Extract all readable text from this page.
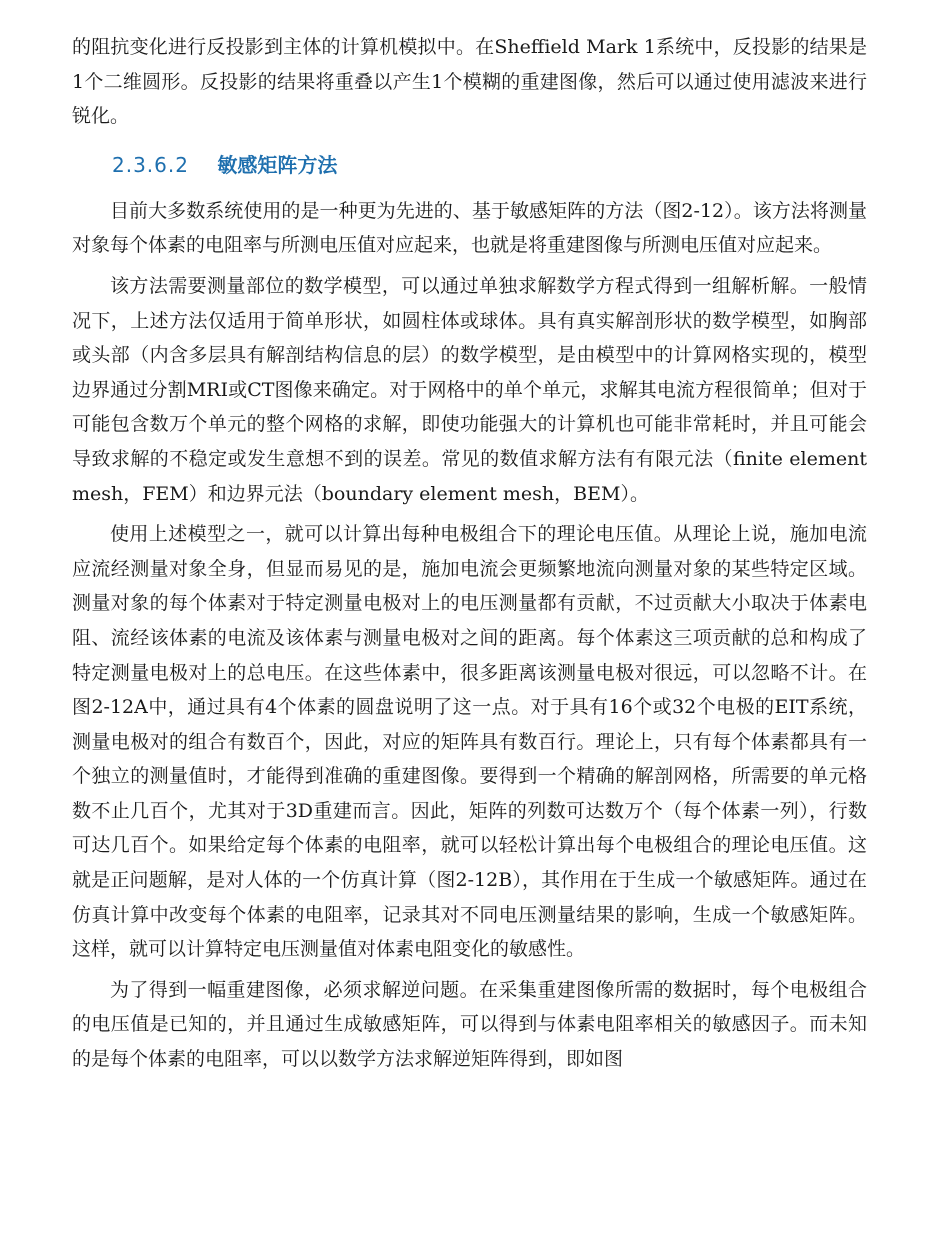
的阻抗变化进行反投影到主体的计算机模拟中。在Sheffield Mark 1系统中，反投影的结果是1个二维圆形。反投影的结果将重叠以产生1个模糊的重建图像，然后可以通过使用滤波来进行锐化。

2.3.6.2 敏感矩阵方法

目前大多数系统使用的是一种更为先进的、基于敏感矩阵的方法（图2-12）。该方法将测量对象每个体素的电阻率与所测电压值对应起来，也就是将重建图像与所测电压值对应起来。

该方法需要测量部位的数学模型，可以通过单独求解数学方程式得到一组解析解。一般情况下，上述方法仅适用于简单形状，如圆柱体或球体。具有真实解剖形状的数学模型，如胸部或头部（内含多层具有解剖结构信息的层）的数学模型，是由模型中的计算网格实现的，模型边界通过分割MRI或CT图像来确定。对于网格中的单个单元，求解其电流方程很简单；但对于可能包含数万个单元的整个网格的求解，即使功能强大的计算机也可能非常耗时，并且可能会导致求解的不稳定或发生意想不到的误差。常见的数值求解方法有有限元法（finite element mesh，FEM）和边界元法（boundary element mesh，BEM）。

使用上述模型之一，就可以计算出每种电极组合下的理论电压值。从理论上说，施加电流应流经测量对象全身，但显而易见的是，施加电流会更频繁地流向测量对象的某些特定区域。测量对象的每个体素对于特定测量电极对上的电压测量都有贡献，不过贡献大小取决于体素电阻、流经该体素的电流及该体素与测量电极对之间的距离。每个体素这三项贡献的总和构成了特定测量电极对上的总电压。在这些体素中，很多距离该测量电极对很远，可以忽略不计。在图2-12A中，通过具有4个体素的圆盘说明了这一点。对于具有16个或32个电极的EIT系统，测量电极对的组合有数百个，因此，对应的矩阵具有数百行。理论上，只有每个体素都具有一个独立的测量值时，才能得到准确的重建图像。要得到一个精确的解剖网格，所需要的单元格数不止几百个，尤其对于3D重建而言。因此，矩阵的列数可达数万个（每个体素一列），行数可达几百个。如果给定每个体素的电阻率，就可以轻松计算出每个电极组合的理论电压值。这就是正问题解，是对人体的一个仿真计算（图2-12B），其作用在于生成一个敏感矩阵。通过在仿真计算中改变每个体素的电阻率，记录其对不同电压测量结果的影响，生成一个敏感矩阵。这样，就可以计算特定电压测量值对体素电阻变化的敏感性。

为了得到一幅重建图像，必须求解逆问题。在采集重建图像所需的数据时，每个电极组合的电压值是已知的，并且通过生成敏感矩阵，可以得到与体素电阻率相关的敏感因子。而未知的是每个体素的电阻率，可以以数学方法求解逆矩阵得到，即如图
